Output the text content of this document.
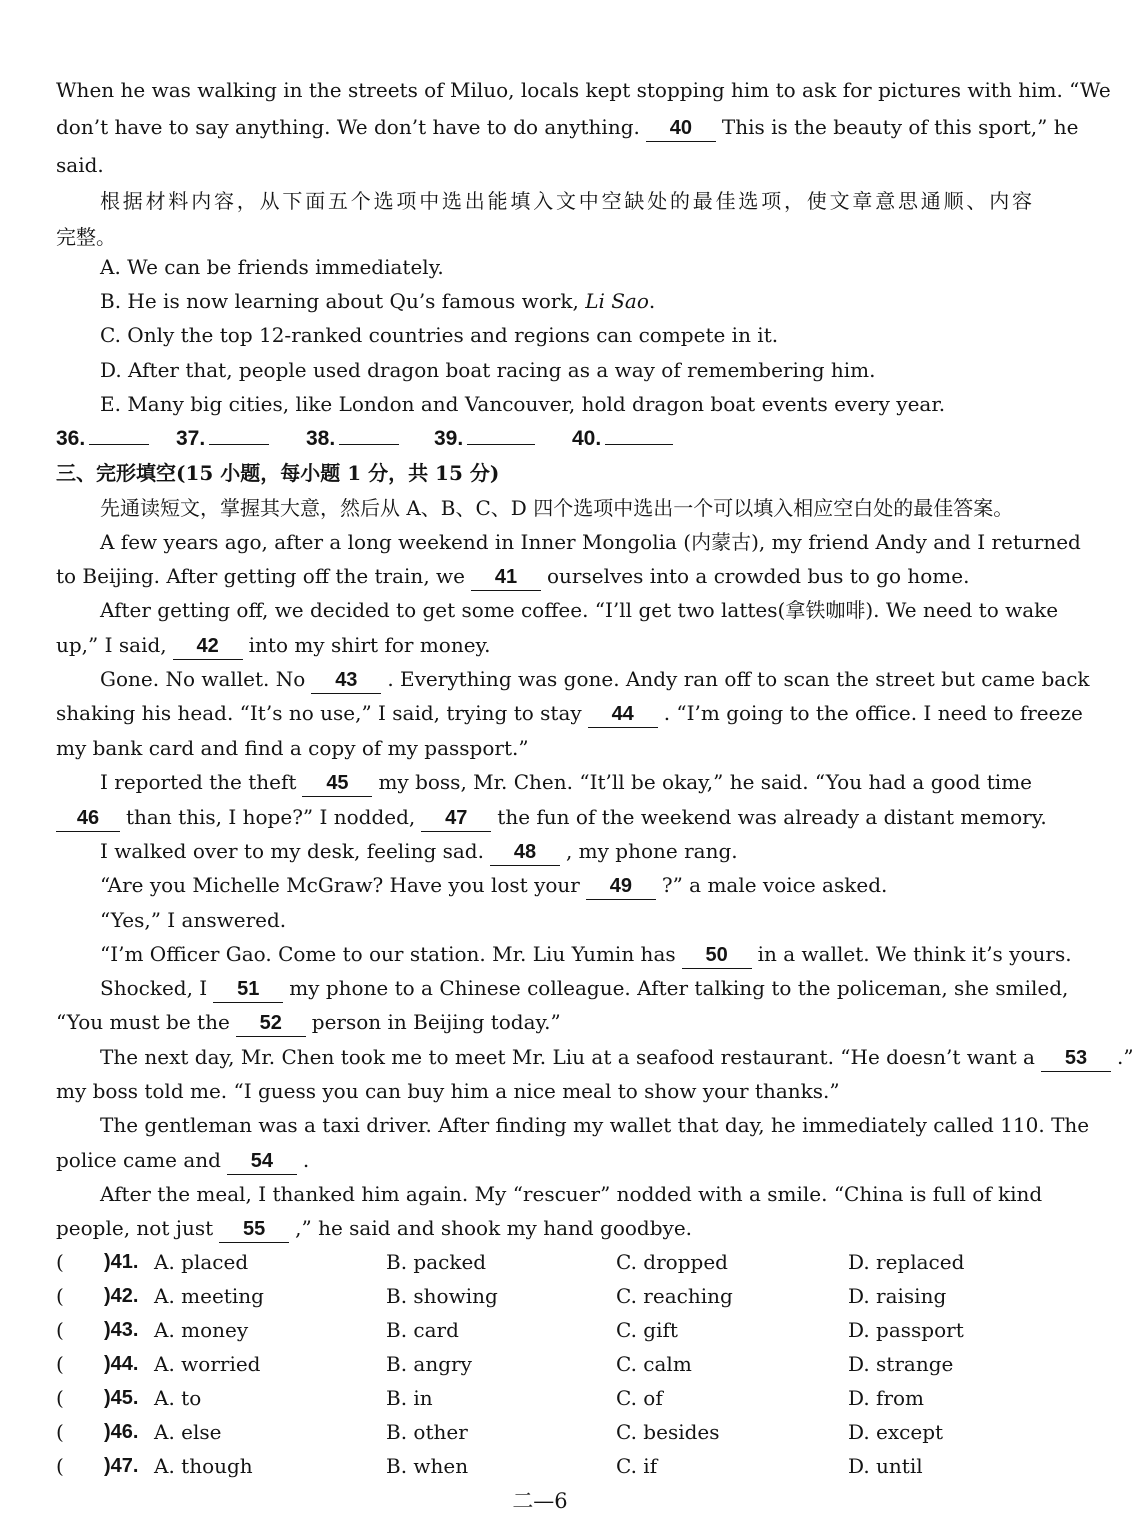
When he was walking in the streets of Miluo, locals kept stopping him to ask for pictures with him. “We
don’t have to say anything. We don’t have to do anything. 40 This is the beauty of this sport,” he
said.
根据材料内容，从下面五个选项中选出能填入文中空缺处的最佳选项，使文章意思通顺、内容
完整。
A. We can be friends immediately.
B. He is now learning about Qu’s famous work, Li Sao.
C. Only the top 12-ranked countries and regions can compete in it.
D. After that, people used dragon boat racing as a way of remembering him.
E. Many big cities, like London and Vancouver, hold dragon boat events every year.
36.	37.	38.	39.	40.
三、完形填空(15 小题，每小题 1 分，共 15 分)
先通读短文，掌握其大意，然后从 A、B、C、D 四个选项中选出一个可以填入相应空白处的最佳答案。
A few years ago, after a long weekend in Inner Mongolia (内蒙古), my friend Andy and I returned
to Beijing. After getting off the train, we 41 ourselves into a crowded bus to go home.
After getting off, we decided to get some coffee. “I’ll get two lattes(拿铁咖啡). We need to wake
up,” I said, 42 into my shirt for money.
Gone. No wallet. No 43 . Everything was gone. Andy ran off to scan the street but came back
shaking his head. “It’s no use,” I said, trying to stay 44 . “I’m going to the office. I need to freeze
my bank card and find a copy of my passport.”
I reported the theft 45 my boss, Mr. Chen. “It’ll be okay,” he said. “You had a good time
46 than this, I hope?” I nodded, 47 the fun of the weekend was already a distant memory.
I walked over to my desk, feeling sad. 48 , my phone rang.
“Are you Michelle McGraw? Have you lost your 49 ?” a male voice asked.
“Yes,” I answered.
“I’m Officer Gao. Come to our station. Mr. Liu Yumin has 50 in a wallet. We think it’s yours.
Shocked, I 51 my phone to a Chinese colleague. After talking to the policeman, she smiled,
“You must be the 52 person in Beijing today.”
The next day, Mr. Chen took me to meet Mr. Liu at a seafood restaurant. “He doesn’t want a 53 .”
my boss told me. “I guess you can buy him a nice meal to show your thanks.”
The gentleman was a taxi driver. After finding my wallet that day, he immediately called 110. The
police came and 54 .
After the meal, I thanked him again. My “rescuer” nodded with a smile. “China is full of kind
people, not just 55 ,” he said and shook my hand goodbye.
( )41. A. placed	B. packed	C. dropped	D. replaced
( )42. A. meeting	B. showing	C. reaching	D. raising
( )43. A. money	B. card	C. gift	D. passport
( )44. A. worried	B. angry	C. calm	D. strange
( )45. A. to	B. in	C. of	D. from
( )46. A. else	B. other	C. besides	D. except
( )47. A. though	B. when	C. if	D. until
二—6
